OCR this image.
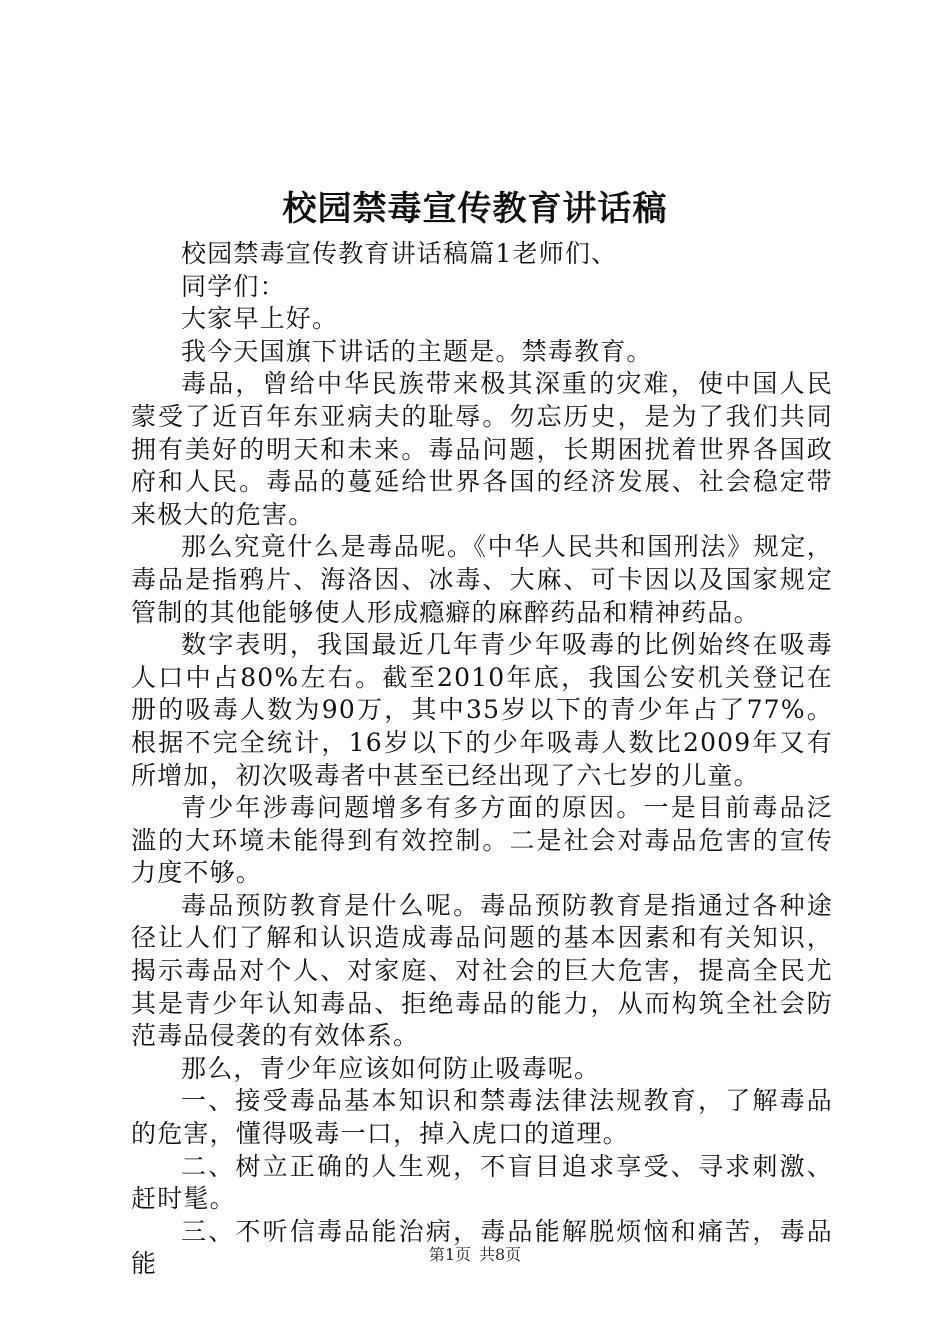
校园禁毒宣传教育讲话稿

校园禁毒宣传教育讲话稿篇1老师们、

同学们：

大家早上好。

我今天国旗下讲话的主题是。禁毒教育。

毒品，曾给中华民族带来极其深重的灾难，使中国人民蒙受了近百年东亚病夫的耻辱。勿忘历史，是为了我们共同拥有美好的明天和未来。毒品问题，长期困扰着世界各国政府和人民。毒品的蔓延给世界各国的经济发展、社会稳定带来极大的危害。

那么究竟什么是毒品呢。《中华人民共和国刑法》规定，毒品是指鸦片、海洛因、冰毒、大麻、可卡因以及国家规定管制的其他能够使人形成瘾癖的麻醉药品和精神药品。

数字表明，我国最近几年青少年吸毒的比例始终在吸毒人口中占80%左右。截至2010年底，我国公安机关登记在册的吸毒人数为90万，其中35岁以下的青少年占了77%。根据不完全统计，16岁以下的少年吸毒人数比2009年又有所增加，初次吸毒者中甚至已经出现了六七岁的儿童。

青少年涉毒问题增多有多方面的原因。一是目前毒品泛滥的大环境未能得到有效控制。二是社会对毒品危害的宣传力度不够。

毒品预防教育是什么呢。毒品预防教育是指通过各种途径让人们了解和认识造成毒品问题的基本因素和有关知识，揭示毒品对个人、对家庭、对社会的巨大危害，提高全民尤其是青少年认知毒品、拒绝毒品的能力，从而构筑全社会防范毒品侵袭的有效体系。

那么，青少年应该如何防止吸毒呢。

一、接受毒品基本知识和禁毒法律法规教育，了解毒品的危害，懂得吸毒一口，掉入虎口的道理。

二、树立正确的人生观，不盲目追求享受、寻求刺激、赶时髦。

三、不听信毒品能治病，毒品能解脱烦恼和痛苦，毒品能	第1页 共8页
